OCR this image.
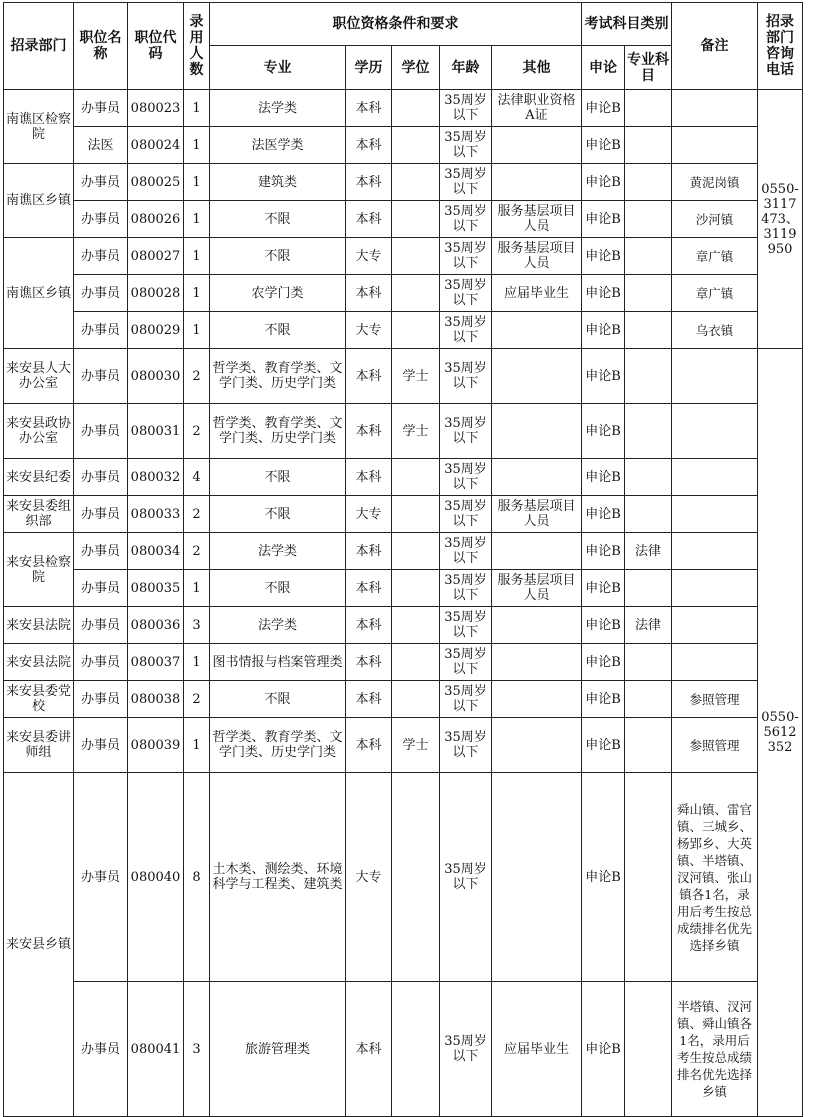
招录部门	职位名称	职位代码	录用人数	职位资格条件和要求					考试科目类别		备注	招录部门咨询电话
				专业	学历	学位	年龄	其他	申论	专业科目		
南谯区检察院	办事员	080023	1	法学类	本科		35周岁以下	法律职业资格A证	申论B			0550-3117473、3119950
	法医	080024	1	法医学类	本科		35周岁以下		申论B			
南谯区乡镇	办事员	080025	1	建筑类	本科		35周岁以下		申论B		黄泥岗镇	
	办事员	080026	1	不限	本科		35周岁以下	服务基层项目人员	申论B		沙河镇	
南谯区乡镇	办事员	080027	1	不限	大专		35周岁以下	服务基层项目人员	申论B		章广镇	
	办事员	080028	1	农学门类	本科		35周岁以下	应届毕业生	申论B		章广镇	
	办事员	080029	1	不限	大专		35周岁以下		申论B		乌衣镇	
来安县人大办公室	办事员	080030	2	哲学类、教育学类、文学门类、历史学门类	本科	学士	35周岁以下		申论B			0550-5612352
来安县政协办公室	办事员	080031	2	哲学类、教育学类、文学门类、历史学门类	本科	学士	35周岁以下		申论B			
来安县纪委	办事员	080032	4	不限	本科		35周岁以下		申论B			
来安县委组织部	办事员	080033	2	不限	大专		35周岁以下	服务基层项目人员	申论B			
来安县检察院	办事员	080034	2	法学类	本科		35周岁以下		申论B	法律		
	办事员	080035	1	不限	本科		35周岁以下	服务基层项目人员	申论B			
来安县法院	办事员	080036	3	法学类	本科		35周岁以下		申论B	法律		
来安县法院	办事员	080037	1	图书情报与档案管理类	本科		35周岁以下		申论B			
来安县委党校	办事员	080038	2	不限	本科		35周岁以下		申论B		参照管理	
来安县委讲师组	办事员	080039	1	哲学类、教育学类、文学门类、历史学门类	本科	学士	35周岁以下		申论B		参照管理	
来安县乡镇	办事员	080040	8	土木类、测绘类、环境科学与工程类、建筑类	大专		35周岁以下		申论B		舜山镇、雷官镇、三城乡、杨郢乡、大英镇、半塔镇、汊河镇、张山镇各1名，录用后考生按总成绩排名优先选择乡镇	
	办事员	080041	3	旅游管理类	本科		35周岁以下	应届毕业生	申论B		半塔镇、汊河镇、舜山镇各1名，录用后考生按总成绩排名优先选择乡镇	
